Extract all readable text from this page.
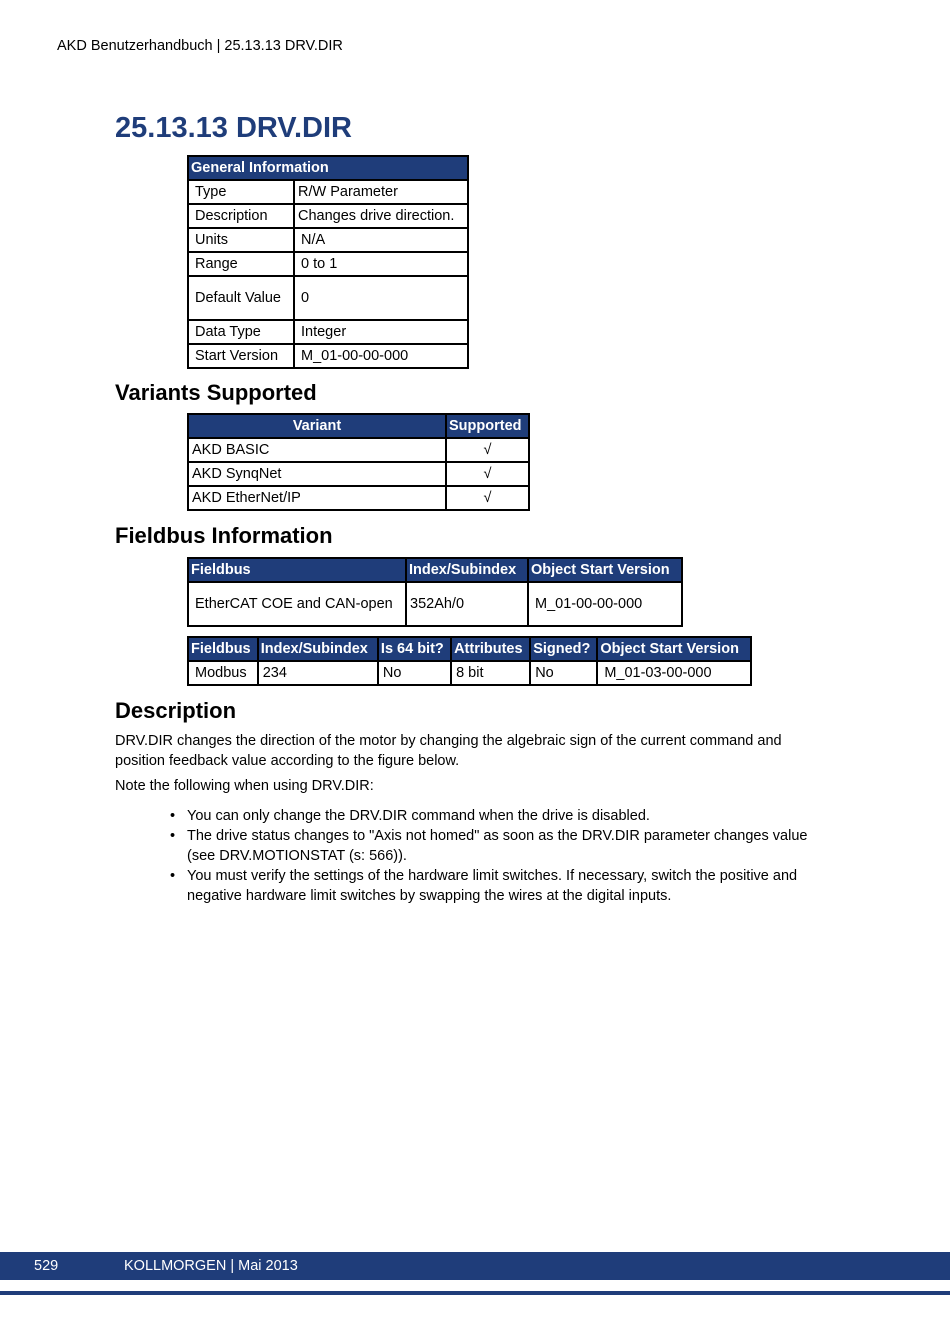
AKD Benutzerhandbuch | 25.13.13 DRV.DIR
25.13.13 DRV.DIR
General Information	
Type	R/W Parameter
Description	Changes drive direction.
Units	N/A
Range	0 to 1
Default Value	0
Data Type	Integer
Start Version	M_01-00-00-000
Variants Supported
Variant	Supported
AKD BASIC	√
AKD SynqNet	√
AKD EtherNet/IP	√
Fieldbus Information
Fieldbus	Index/Subindex	Object Start Version
EtherCAT COE and CAN-open	352Ah/0	M_01-00-00-000
Fieldbus	Index/Subindex	Is 64 bit?	Attributes	Signed?	Object Start Version
Modbus	234	No	8 bit	No	M_01-03-00-000
Description
DRV.DIR changes the direction of the motor by changing the algebraic sign of the current command and position feedback value according to the figure below.
Note the following when using DRV.DIR:
• You can only change the DRV.DIR command when the drive is disabled.
• The drive status changes to "Axis not homed" as soon as the DRV.DIR parameter changes value (see DRV.MOTIONSTAT (s: 566)).
• You must verify the settings of the hardware limit switches. If necessary, switch the positive and negative hardware limit switches by swapping the wires at the digital inputs.
529	KOLLMORGEN | Mai 2013
